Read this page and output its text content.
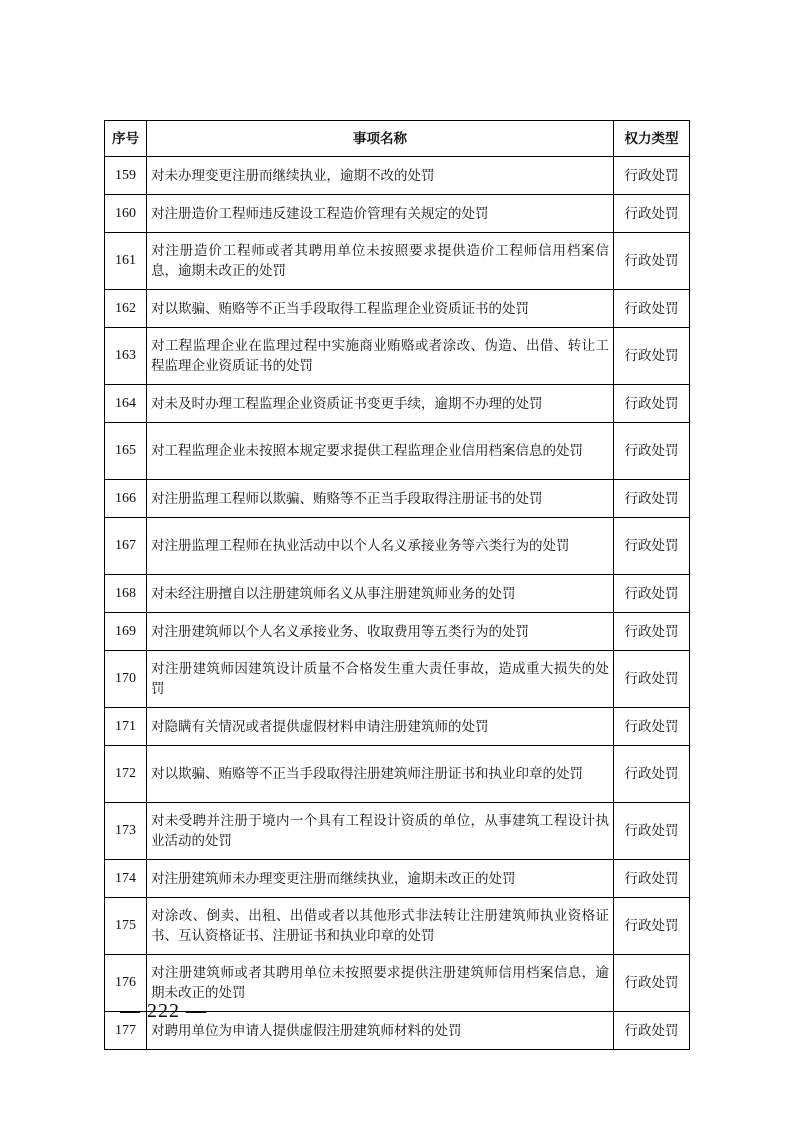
序号	事项名称	权力类型
159	对未办理变更注册而继续执业，逾期不改的处罚	行政处罚
160	对注册造价工程师违反建设工程造价管理有关规定的处罚	行政处罚
161	对注册造价工程师或者其聘用单位未按照要求提供造价工程师信用档案信息，逾期未改正的处罚	行政处罚
162	对以欺骗、贿赂等不正当手段取得工程监理企业资质证书的处罚	行政处罚
163	对工程监理企业在监理过程中实施商业贿赂或者涂改、伪造、出借、转让工程监理企业资质证书的处罚	行政处罚
164	对未及时办理工程监理企业资质证书变更手续，逾期不办理的处罚	行政处罚
165	对工程监理企业未按照本规定要求提供工程监理企业信用档案信息的处罚	行政处罚
166	对注册监理工程师以欺骗、贿赂等不正当手段取得注册证书的处罚	行政处罚
167	对注册监理工程师在执业活动中以个人名义承接业务等六类行为的处罚	行政处罚
168	对未经注册擅自以注册建筑师名义从事注册建筑师业务的处罚	行政处罚
169	对注册建筑师以个人名义承接业务、收取费用等五类行为的处罚	行政处罚
170	对注册建筑师因建筑设计质量不合格发生重大责任事故，造成重大损失的处罚	行政处罚
171	对隐瞒有关情况或者提供虚假材料申请注册建筑师的处罚	行政处罚
172	对以欺骗、贿赂等不正当手段取得注册建筑师注册证书和执业印章的处罚	行政处罚
173	对未受聘并注册于境内一个具有工程设计资质的单位，从事建筑工程设计执业活动的处罚	行政处罚
174	对注册建筑师未办理变更注册而继续执业，逾期未改正的处罚	行政处罚
175	对涂改、倒卖、出租、出借或者以其他形式非法转让注册建筑师执业资格证书、互认资格证书、注册证书和执业印章的处罚	行政处罚
176	对注册建筑师或者其聘用单位未按照要求提供注册建筑师信用档案信息，逾期未改正的处罚	行政处罚
177	对聘用单位为申请人提供虚假注册建筑师材料的处罚	行政处罚
— 222 —
